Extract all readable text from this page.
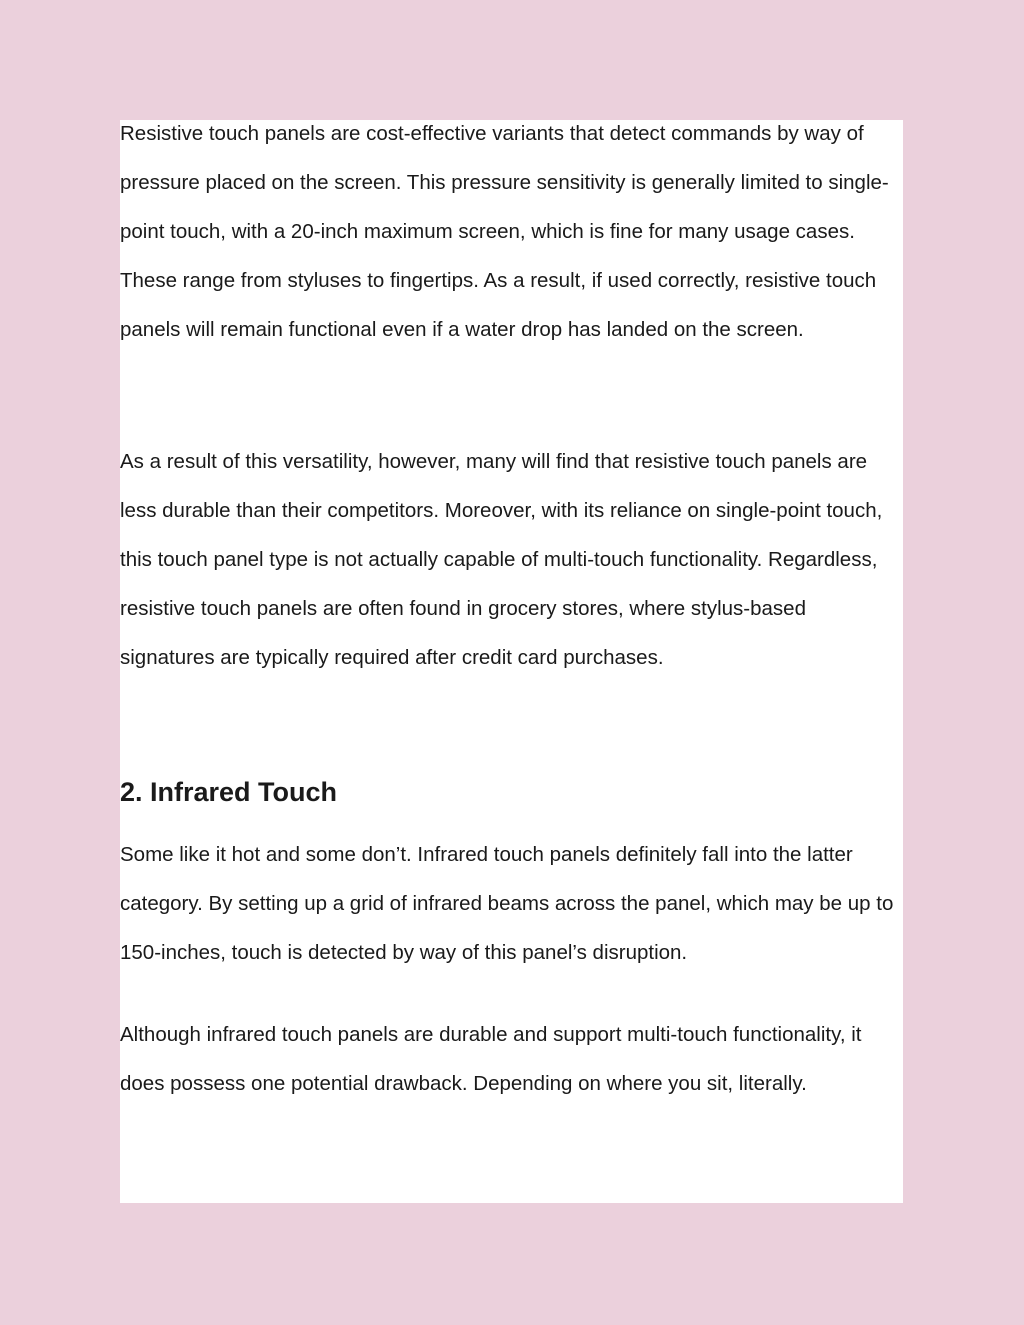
Resistive touch panels are cost-effective variants that detect commands by way of pressure placed on the screen. This pressure sensitivity is generally limited to single-point touch, with a 20-inch maximum screen, which is fine for many usage cases. These range from styluses to fingertips. As a result, if used correctly, resistive touch panels will remain functional even if a water drop has landed on the screen.

As a result of this versatility, however, many will find that resistive touch panels are less durable than their competitors. Moreover, with its reliance on single-point touch, this touch panel type is not actually capable of multi-touch functionality. Regardless, resistive touch panels are often found in grocery stores, where stylus-based signatures are typically required after credit card purchases.

2. Infrared Touch

Some like it hot and some don’t. Infrared touch panels definitely fall into the latter category. By setting up a grid of infrared beams across the panel, which may be up to 150-inches, touch is detected by way of this panel’s disruption.

Although infrared touch panels are durable and support multi-touch functionality, it does possess one potential drawback. Depending on where you sit, literally.
